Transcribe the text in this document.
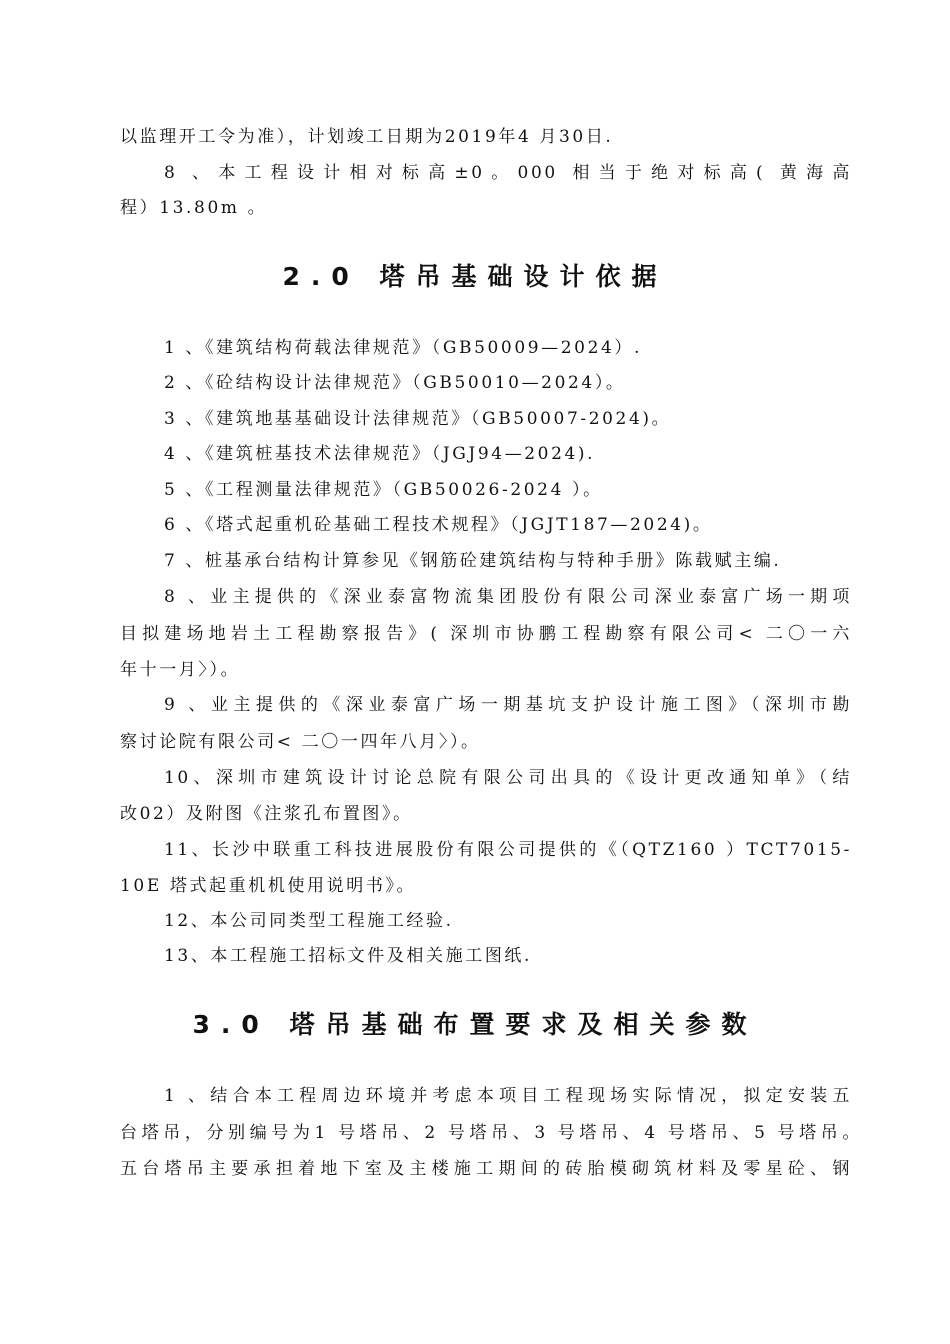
以监理开工令为准），计划竣工日期为2019年4 月30日.
8 、本工程设计相对标高±0。000 相当于绝对标高( 黄海高
程）13.80m 。
2.0 塔吊基础设计依据
1 、《建筑结构荷载法律规范》（GB50009—2024）.
2 、《砼结构设计法律规范》（GB50010—2024）。
3 、《建筑地基基础设计法律规范》（GB50007-2024)。
4 、《建筑桩基技术法律规范》（JGJ94—2024).
5 、《工程测量法律规范》（GB50026-2024 ）。
6 、《塔式起重机砼基础工程技术规程》（JGJT187—2024)。
7 、桩基承台结构计算参见《钢筋砼建筑结构与特种手册》陈载赋主编.
8 、业主提供的《深业泰富物流集团股份有限公司深业泰富广场一期项
目拟建场地岩土工程勘察报告》( 深圳市协鹏工程勘察有限公司< 二〇一六
年十一月〉）。
9 、业主提供的《深业泰富广场一期基坑支护设计施工图》（深圳市勘
察讨论院有限公司< 二〇一四年八月〉）。
10、深圳市建筑设计讨论总院有限公司出具的《设计更改通知单》（结
改02）及附图《注浆孔布置图》。
11、长沙中联重工科技进展股份有限公司提供的《（QTZ160 ）TCT7015-
10E 塔式起重机机使用说明书》。
12、本公司同类型工程施工经验.
13、本工程施工招标文件及相关施工图纸.
3.0 塔吊基础布置要求及相关参数
1 、结合本工程周边环境并考虑本项目工程现场实际情况，拟定安装五
台塔吊，分别编号为1 号塔吊、2 号塔吊、3 号塔吊、4 号塔吊、5 号塔吊。
五台塔吊主要承担着地下室及主楼施工期间的砖胎模砌筑材料及零星砼、钢
